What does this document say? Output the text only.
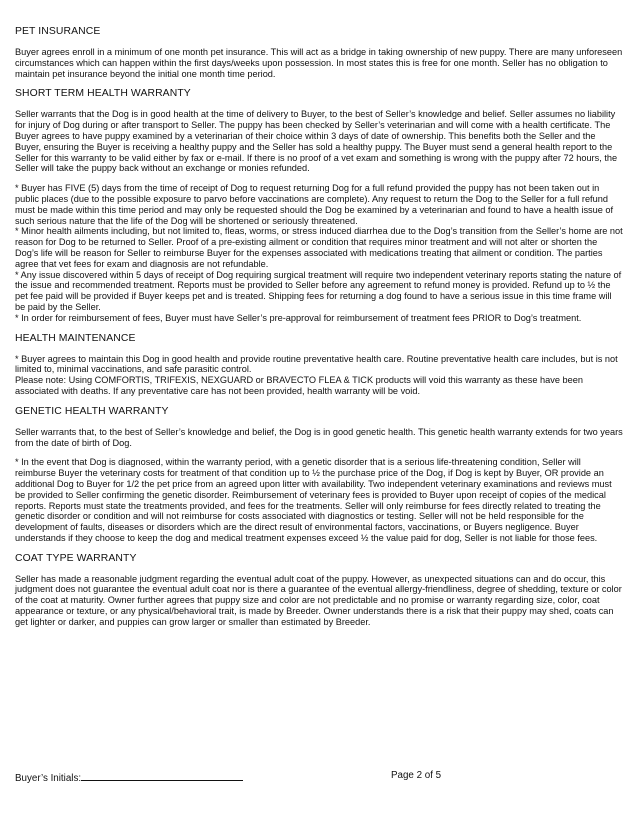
PET INSURANCE

Buyer agrees enroll in a minimum of one month pet insurance. This will act as a bridge in taking ownership of new puppy. There are many unforeseen circumstances which can happen within the first days/weeks upon possession. In most states this is free for one month. Seller has no obligation to maintain pet insurance beyond the initial one month time period.

SHORT TERM HEALTH WARRANTY

Seller warrants that the Dog is in good health at the time of delivery to Buyer, to the best of Seller’s knowledge and belief. Seller assumes no liability for injury of Dog during or after transport to Seller. The puppy has been checked by Seller’s veterinarian and will come with a health certificate. The Buyer agrees to have puppy examined by a veterinarian of their choice within 3 days of date of ownership. This benefits both the Seller and the Buyer, ensuring the Buyer is receiving a healthy puppy and the Seller has sold a healthy puppy. The Buyer must send a general health report to the Seller for this warranty to be valid either by fax or e-mail. If there is no proof of a vet exam and something is wrong with the puppy after 72 hours, the Seller will take the puppy back without an exchange or monies refunded.

* Buyer has FIVE (5) days from the time of receipt of Dog to request returning Dog for a full refund provided the puppy has not been taken out in public places (due to the possible exposure to parvo before vaccinations are complete). Any request to return the Dog to the Seller for a full refund must be made within this time period and may only be requested should the Dog be examined by a veterinarian and found to have a health issue of such serious nature that the life of the Dog will be shortened or seriously threatened.

* Minor health ailments including, but not limited to, fleas, worms, or stress induced diarrhea due to the Dog’s transition from the Seller’s home are not reason for Dog to be returned to Seller. Proof of a pre-existing ailment or condition that requires minor treatment and will not alter or shorten the Dog’s life will be reason for Seller to reimburse Buyer for the expenses associated with medications treating that ailment or condition. The parties agree that vet fees for exam and diagnosis are not refundable.

* Any issue discovered within 5 days of receipt of Dog requiring surgical treatment will require two independent veterinary reports stating the nature of the issue and recommended treatment. Reports must be provided to Seller before any agreement to refund money is provided. Refund up to ½ the pet fee paid will be provided if Buyer keeps pet and is treated. Shipping fees for returning a dog found to have a serious issue in this time frame will be paid by the Seller.

* In order for reimbursement of fees, Buyer must have Seller’s pre-approval for reimbursement of treatment fees PRIOR to Dog’s treatment.

HEALTH MAINTENANCE

* Buyer agrees to maintain this Dog in good health and provide routine preventative health care. Routine preventative health care includes, but is not limited to, minimal vaccinations, and safe parasitic control.

Please note: Using COMFORTIS, TRIFEXIS, NEXGUARD or BRAVECTO FLEA & TICK products will void this warranty as these have been associated with deaths. If any preventative care has not been provided, health warranty will be void.

GENETIC HEALTH WARRANTY

Seller warrants that, to the best of Seller’s knowledge and belief, the Dog is in good genetic health. This genetic health warranty extends for two years from the date of birth of Dog.

* In the event that Dog is diagnosed, within the warranty period, with a genetic disorder that is a serious life-threatening condition, Seller will reimburse Buyer the veterinary costs for treatment of that condition up to ½ the purchase price of the Dog, if Dog is kept by Buyer, OR provide an additional Dog to Buyer for 1/2 the pet price from an agreed upon litter with availability. Two independent veterinary examinations and reviews must be provided to Seller confirming the genetic disorder. Reimbursement of veterinary fees is provided to Buyer upon receipt of copies of the medical reports. Reports must state the treatments provided, and fees for the treatments. Seller will only reimburse for fees directly related to treating the genetic disorder or condition and will not reimburse for costs associated with diagnostics or testing. Seller will not be held responsible for the development of faults, diseases or disorders which are the direct result of environmental factors, vaccinations, or Buyers negligence. Buyer understands if they choose to keep the dog and medical treatment expenses exceed ½ the value paid for dog, Seller is not liable for those fees.

COAT TYPE WARRANTY

Seller has made a reasonable judgment regarding the eventual adult coat of the puppy. However, as unexpected situations can and do occur, this judgment does not guarantee the eventual adult coat nor is there a guarantee of the eventual allergy-friendliness, degree of shedding, texture or color of the coat at maturity. Owner further agrees that puppy size and color are not predictable and no promise or warranty regarding size, color, coat appearance or texture, or any physical/behavioral trait, is made by Breeder. Owner understands there is a risk that their puppy may shed, coats can get lighter or darker, and puppies can grow larger or smaller than estimated by Breeder.

Buyer’s Initials:	Page 2 of 5
